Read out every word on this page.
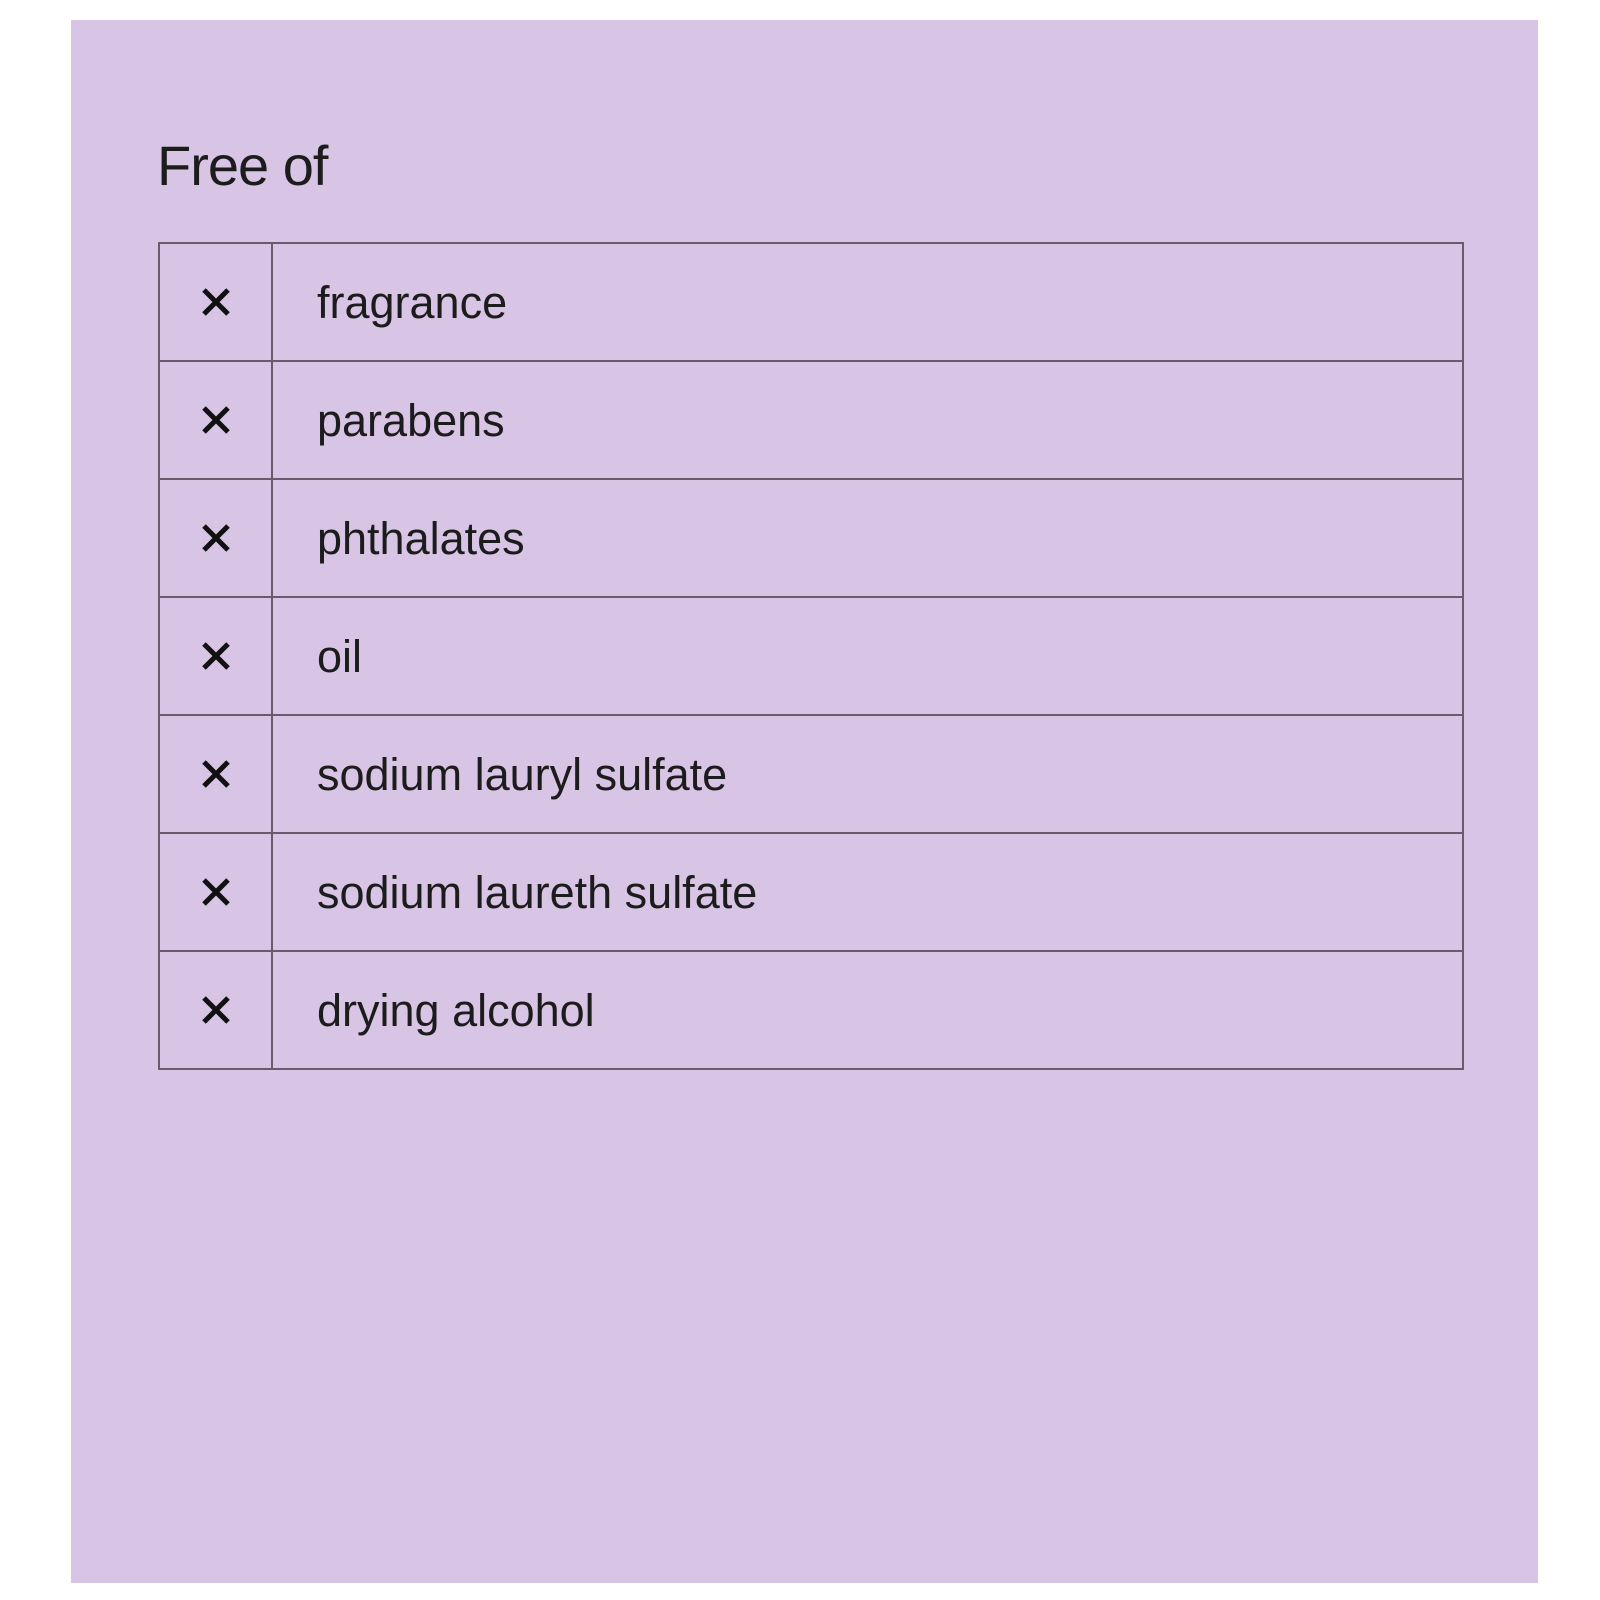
Free of
	fragrance
	parabens
	phthalates
	oil
	sodium lauryl sulfate
	sodium laureth sulfate
	drying alcohol
